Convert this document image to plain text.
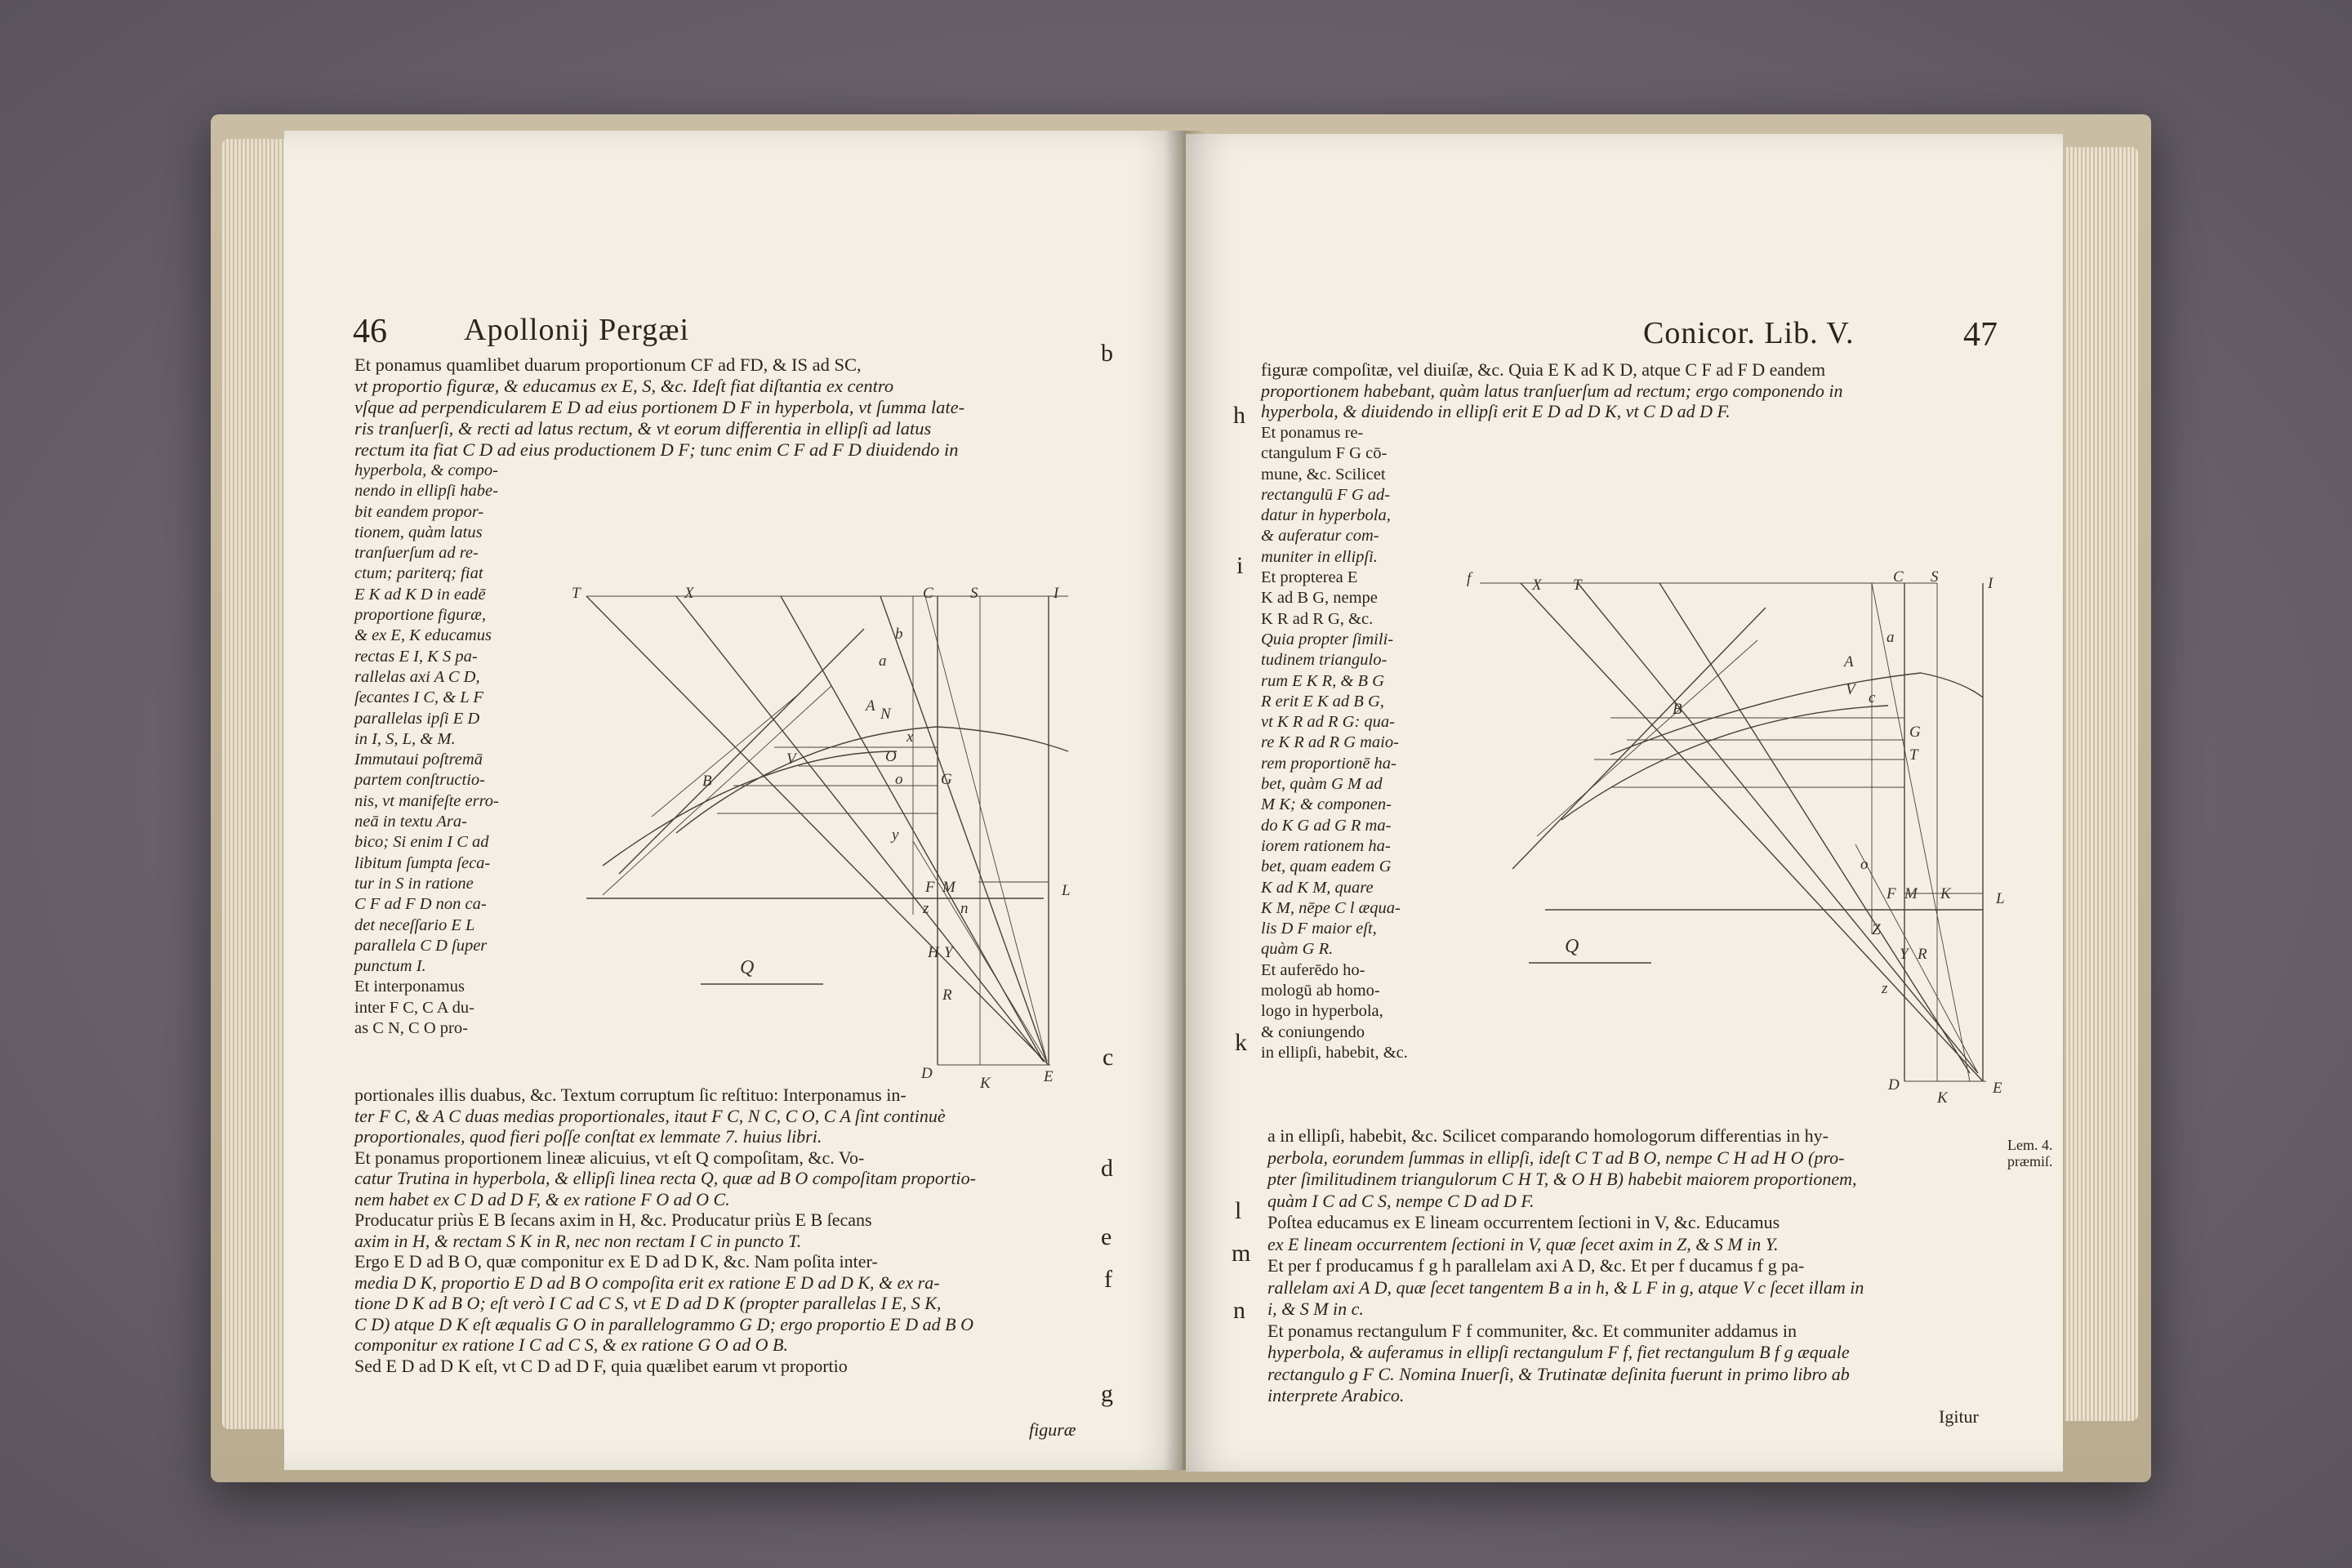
46 Apollonij Pergæi
Et ponamus quamlibet duarum proportionum CF ad FD, & IS ad SC,
vt proportio figuræ, & educamus ex E, S, &c. Ideſt fiat diſtantia ex centro
vſque ad perpendicularem E D ad eius portionem D F in hyperbola, vt ſumma late-
ris tranſuerſi, & recti ad latus rectum, & vt eorum differentia in ellipſi ad latus
rectum ita fiat C D ad eius productionem D F; tunc enim C F ad F D diuidendo in
hyperbola, & compo-
nendo in ellipſi habe-
bit eandem propor-
tionem, quàm latus
tranſuerſum ad re-
ctum; pariterq; fiat
E K ad K D in eadē
proportione figuræ,
& ex E, K educamus
rectas E I, K S pa-
rallelas axi A C D,
ſecantes I C, & L F
parallelas ipſi E D
in I, S, L, & M.
Immutaui poſtremā
partem conſtructio-
nis, vt manifeſte erro-
neā in textu Ara-
bico; Si enim I C ad
libitum ſumpta ſeca-
tur in S in ratione
C F ad F D non ca-
det neceſſario E L
parallela C D ſuper
punctum I.
Et interponamus
inter F C, C A du-
as C N, C O pro-
T	X	C S	I
a
b
B
V
x
o G
F M	L
z
H Y
R
D
K	E
Q
A N
O
y
n
portionales illis duabus, &c. Textum corruptum ſic reſtituo: Interponamus in-
ter F C, & A C duas medias proportionales, itaut F C, N C, C O, C A ſint continuè
proportionales, quod fieri poſſe conſtat ex lemmate 7. huius libri.
Et ponamus proportionem lineæ alicuius, vt eſt Q compoſitam, &c. Vo-
catur Trutina in hyperbola, & ellipſi linea recta Q, quæ ad B O compoſitam proportio-
nem habet ex C D ad D F, & ex ratione F O ad O C.
Producatur priùs E B ſecans axim in H, &c. Producatur priùs E B ſecans
axim in H, & rectam S K in R, nec non rectam I C in puncto T.
Ergo E D ad B O, quæ componitur ex E D ad D K, &c. Nam poſita inter-
media D K, proportio E D ad B O compoſita erit ex ratione E D ad D K, & ex ra-
tione D K ad B O; eſt verò I C ad C S, vt E D ad D K (propter parallelas I E, S K,
C D) atque D K eſt æqualis G O in parallelogrammo G D; ergo proportio E D ad B O
componitur ex ratione I C ad C S, & ex ratione G O ad O B.
Sed E D ad D K eſt, vt C D ad D F, quia quælibet earum vt proportio
figuræ
b
c
d
e
f
g
Conicor. Lib. V.	47
figuræ compoſitæ, vel diuiſæ, &c. Quia E K ad K D, atque C F ad F D eandem
proportionem habebant, quàm latus tranſuerſum ad rectum; ergo componendo in
hyperbola, & diuidendo in ellipſi erit E D ad D K, vt C D ad D F.
Et ponamus re-
ctangulum F G cō-
mune, &c. Scilicet
rectangulū F G ad-
datur in hyperbola,
& auferatur com-
muniter in ellipſi.
Et propterea E
K ad B G, nempe
K R ad R G, &c.
Quia propter ſimili-
tudinem triangulo-
rum E K R, & B G
R erit E K ad B G,
vt K R ad R G: qua-
re K R ad R G maio-
rem proportionē ha-
bet, quàm G M ad
M K; & componen-
do K G ad G R ma-
iorem rationem ha-
bet, quam eadem G
K ad K M, quare
K M, nēpe C l æqua-
lis D F maior eſt,
quàm G R.
Et auferēdo ho-
mologū ab homo-
logo in hyperbola,
& coniungendo
in ellipſi, habebit, &c.
f	X T	C S	I
A
a
V
B
c
G
T
F M K	L
Y R
z
D
K
E
Q
Z
o
a in ellipſi, habebit, &c. Scilicet comparando homologorum differentias in hy-
perbola, eorundem ſummas in ellipſi, ideſt C T ad B O, nempe C H ad H O (pro-
pter ſimilitudinem triangulorum C H T, & O H B) habebit maiorem proportionem,
quàm I C ad C S, nempe C D ad D F.
Poſtea educamus ex E lineam occurrentem ſectioni in V, &c. Educamus
ex E lineam occurrentem ſectioni in V, quæ ſecet axim in Z, & S M in Y.
Et per f producamus f g h parallelam axi A D, &c. Et per f ducamus f g pa-
rallelam axi A D, quæ ſecet tangentem B a in h, & L F in g, atque V c ſecet illam in
i, & S M in c.
Et ponamus rectangulum F f communiter, &c. Et communiter addamus in
hyperbola, & auferamus in ellipſi rectangulum F f, fiet rectangulum B f g æquale
rectangulo g F C. Nomina Inuerſi, & Trutinatæ deſinita fuerunt in primo libro ab
interprete Arabico.
Igitur
Lem. 4.
præmiſ.
h
i
k
l
m
n
